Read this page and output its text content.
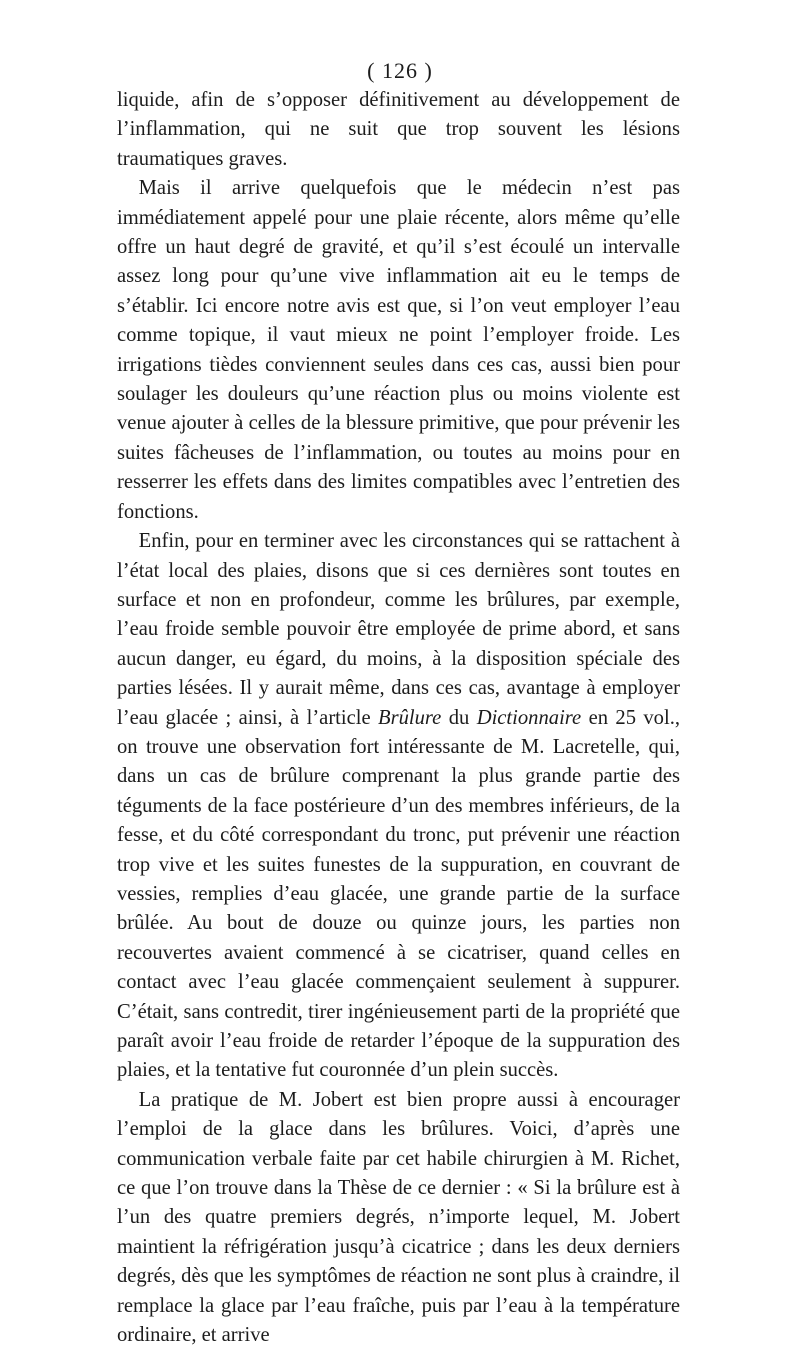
( 126 )

liquide, afin de s’opposer définitivement au développement de l’inflammation, qui ne suit que trop souvent les lésions traumatiques graves.

Mais il arrive quelquefois que le médecin n’est pas immédiatement appelé pour une plaie récente, alors même qu’elle offre un haut degré de gravité, et qu’il s’est écoulé un intervalle assez long pour qu’une vive inflammation ait eu le temps de s’établir. Ici encore notre avis est que, si l’on veut employer l’eau comme topique, il vaut mieux ne point l’employer froide. Les irrigations tièdes conviennent seules dans ces cas, aussi bien pour soulager les douleurs qu’une réaction plus ou moins violente est venue ajouter à celles de la blessure primitive, que pour prévenir les suites fâcheuses de l’inflammation, ou toutes au moins pour en resserrer les effets dans des limites compatibles avec l’entretien des fonctions.

Enfin, pour en terminer avec les circonstances qui se rattachent à l’état local des plaies, disons que si ces dernières sont toutes en surface et non en profondeur, comme les brûlures, par exemple, l’eau froide semble pouvoir être employée de prime abord, et sans aucun danger, eu égard, du moins, à la disposition spéciale des parties lésées. Il y aurait même, dans ces cas, avantage à employer l’eau glacée ; ainsi, à l’article Brûlure du Dictionnaire en 25 vol., on trouve une observation fort intéressante de M. Lacretelle, qui, dans un cas de brûlure comprenant la plus grande partie des téguments de la face postérieure d’un des membres inférieurs, de la fesse, et du côté correspondant du tronc, put prévenir une réaction trop vive et les suites funestes de la suppuration, en couvrant de vessies, remplies d’eau glacée, une grande partie de la surface brûlée. Au bout de douze ou quinze jours, les parties non recouvertes avaient commencé à se cicatriser, quand celles en contact avec l’eau glacée commençaient seulement à suppurer. C’était, sans contredit, tirer ingénieusement parti de la propriété que paraît avoir l’eau froide de retarder l’époque de la suppuration des plaies, et la tentative fut couronnée d’un plein succès.

La pratique de M. Jobert est bien propre aussi à encourager l’emploi de la glace dans les brûlures. Voici, d’après une communication verbale faite par cet habile chirurgien à M. Richet, ce que l’on trouve dans la Thèse de ce dernier : « Si la brûlure est à l’un des quatre premiers degrés, n’importe lequel, M. Jobert maintient la réfrigération jusqu’à cicatrice ; dans les deux derniers degrés, dès que les symptômes de réaction ne sont plus à craindre, il remplace la glace par l’eau fraîche, puis par l’eau à la température ordinaire, et arrive
